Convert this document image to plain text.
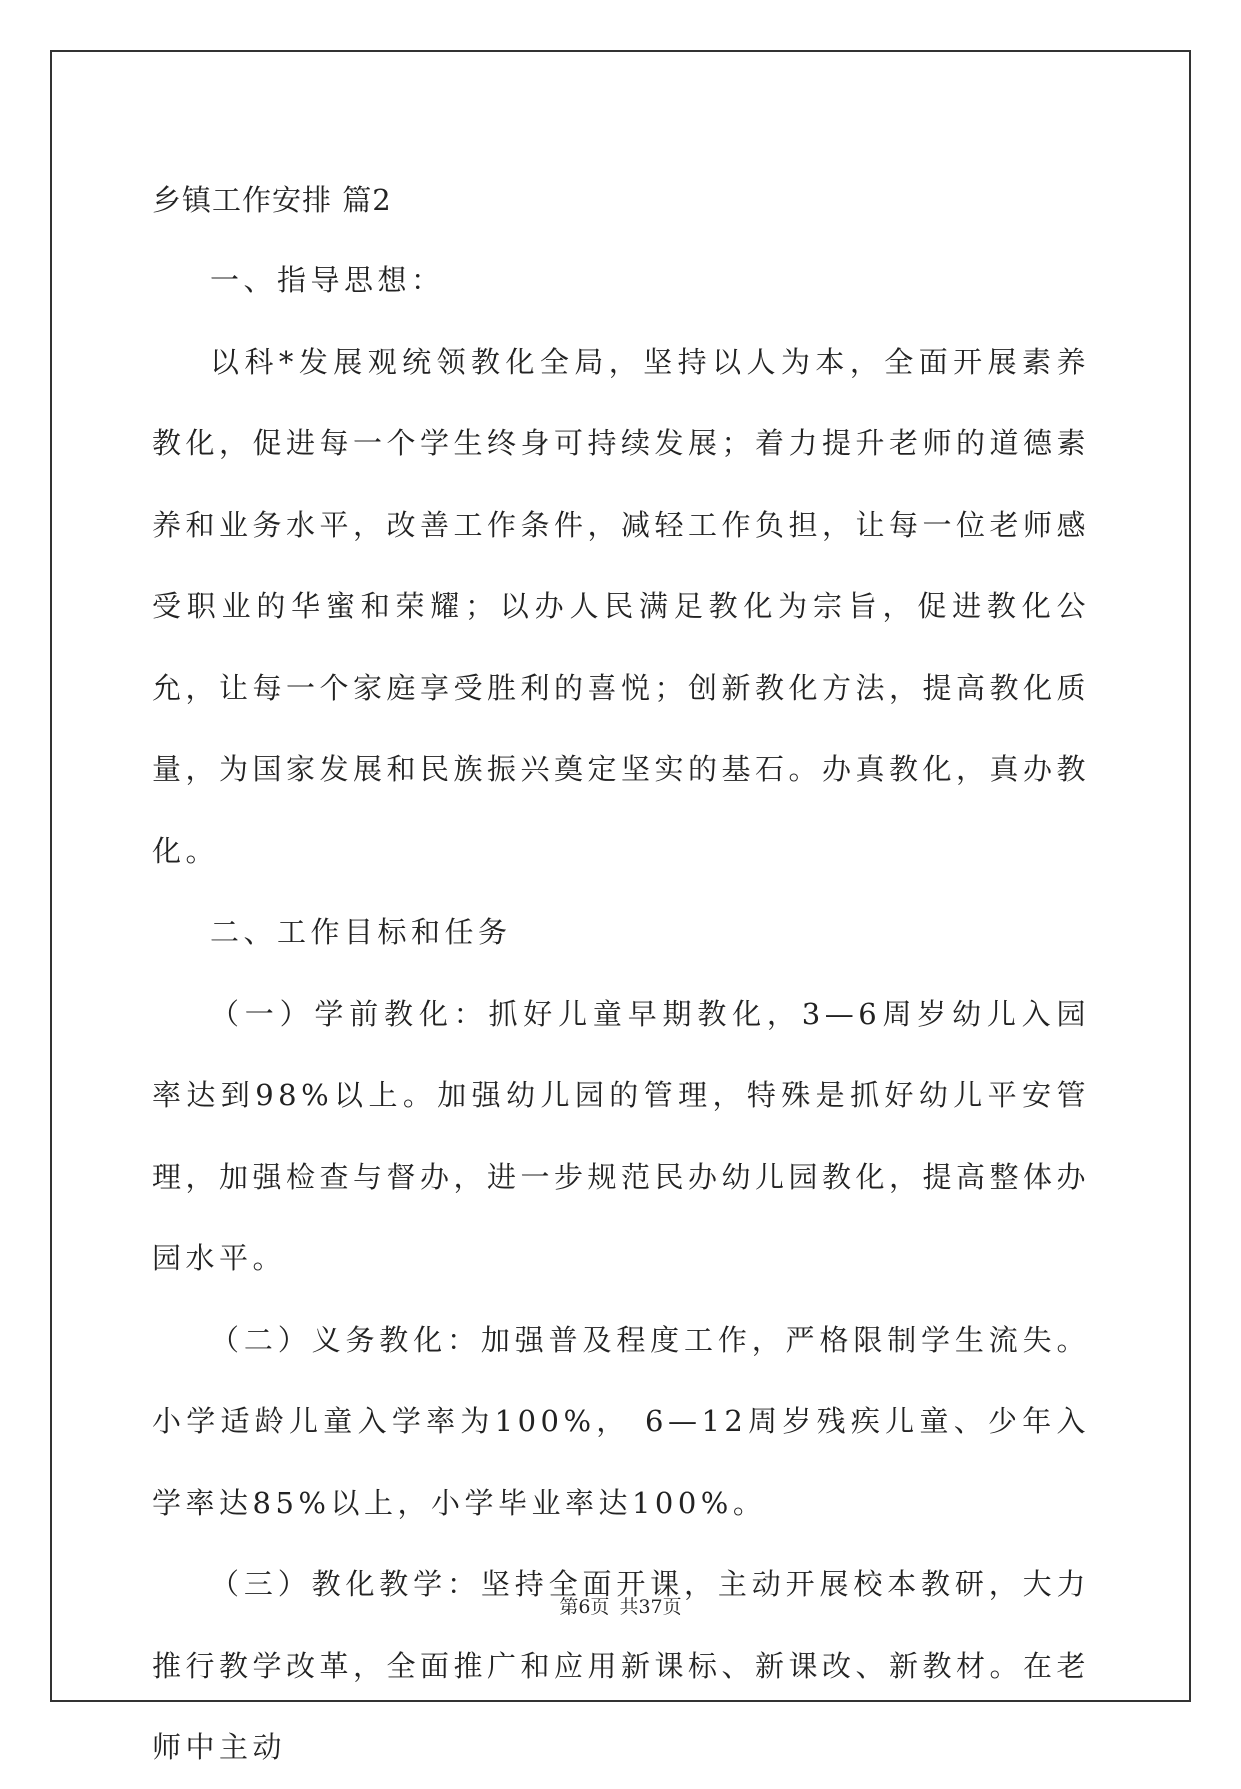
乡镇工作安排 篇2

一、指导思想：

以科*发展观统领教化全局，坚持以人为本，全面开展素养教化，促进每一个学生终身可持续发展；着力提升老师的道德素养和业务水平，改善工作条件，减轻工作负担，让每一位老师感受职业的华蜜和荣耀；以办人民满足教化为宗旨，促进教化公允，让每一个家庭享受胜利的喜悦；创新教化方法，提高教化质量，为国家发展和民族振兴奠定坚实的基石。办真教化，真办教化。

二、工作目标和任务

（一）学前教化：抓好儿童早期教化，3—6周岁幼儿入园率达到98%以上。加强幼儿园的管理，特殊是抓好幼儿平安管理，加强检查与督办，进一步规范民办幼儿园教化，提高整体办园水平。

（二）义务教化：加强普及程度工作，严格限制学生流失。小学适龄儿童入学率为100%， 6—12周岁残疾儿童、少年入学率达85%以上，小学毕业率达100%。

（三）教化教学：坚持全面开课，主动开展校本教研，大力推行教学改革，全面推广和应用新课标、新课改、新教材。在老师中主动

第6页 共37页
